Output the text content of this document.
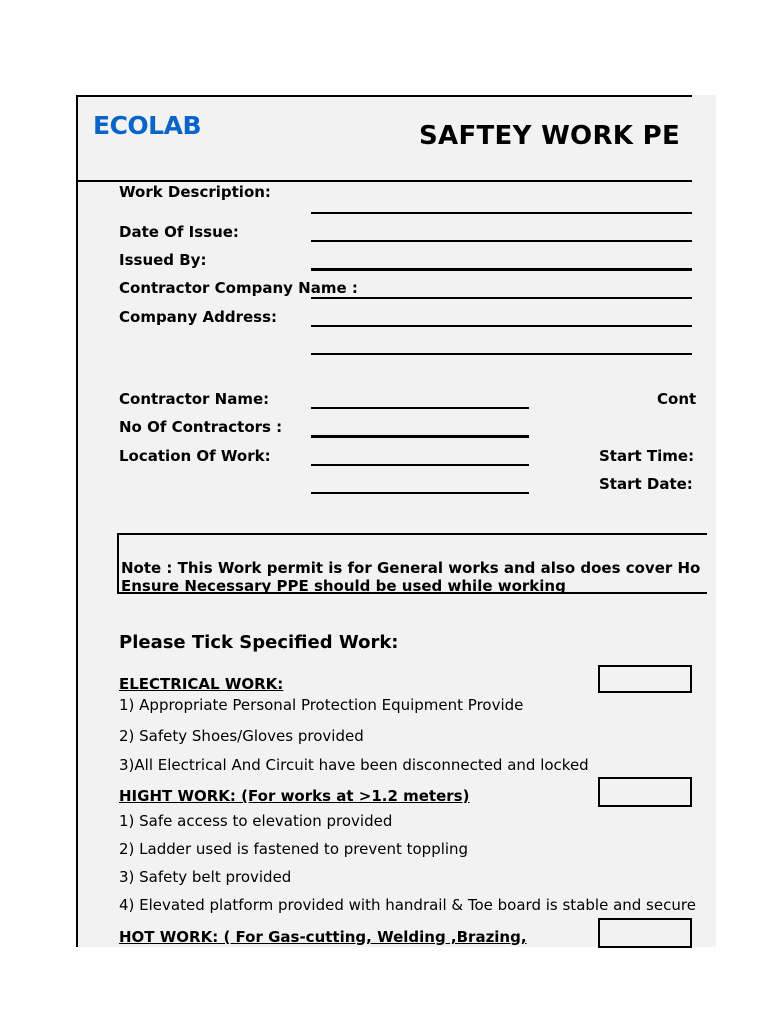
ECOLAB	SAFTEY WORK PE
Work Description:
Date Of Issue:
Issued By:
Contractor Company Name :
Company Address:
Contractor Name:	Cont
No Of Contractors :
Location Of Work:	Start Time:
Start Date:
Note : This Work permit is for General works and also does cover Ho
Ensure Necessary PPE should be used while working
Please Tick Specified Work:
ELECTRICAL WORK:
1) Appropriate Personal Protection Equipment Provide
2) Safety Shoes/Gloves provided
3)All Electrical And Circuit have been disconnected and locked
HIGHT WORK: (For works at >1.2 meters)
1) Safe access to elevation provided
2) Ladder used is fastened to prevent toppling
3) Safety belt provided
4) Elevated platform provided with handrail & Toe board is stable and secure
HOT WORK: ( For Gas-cutting, Welding ,Brazing,
